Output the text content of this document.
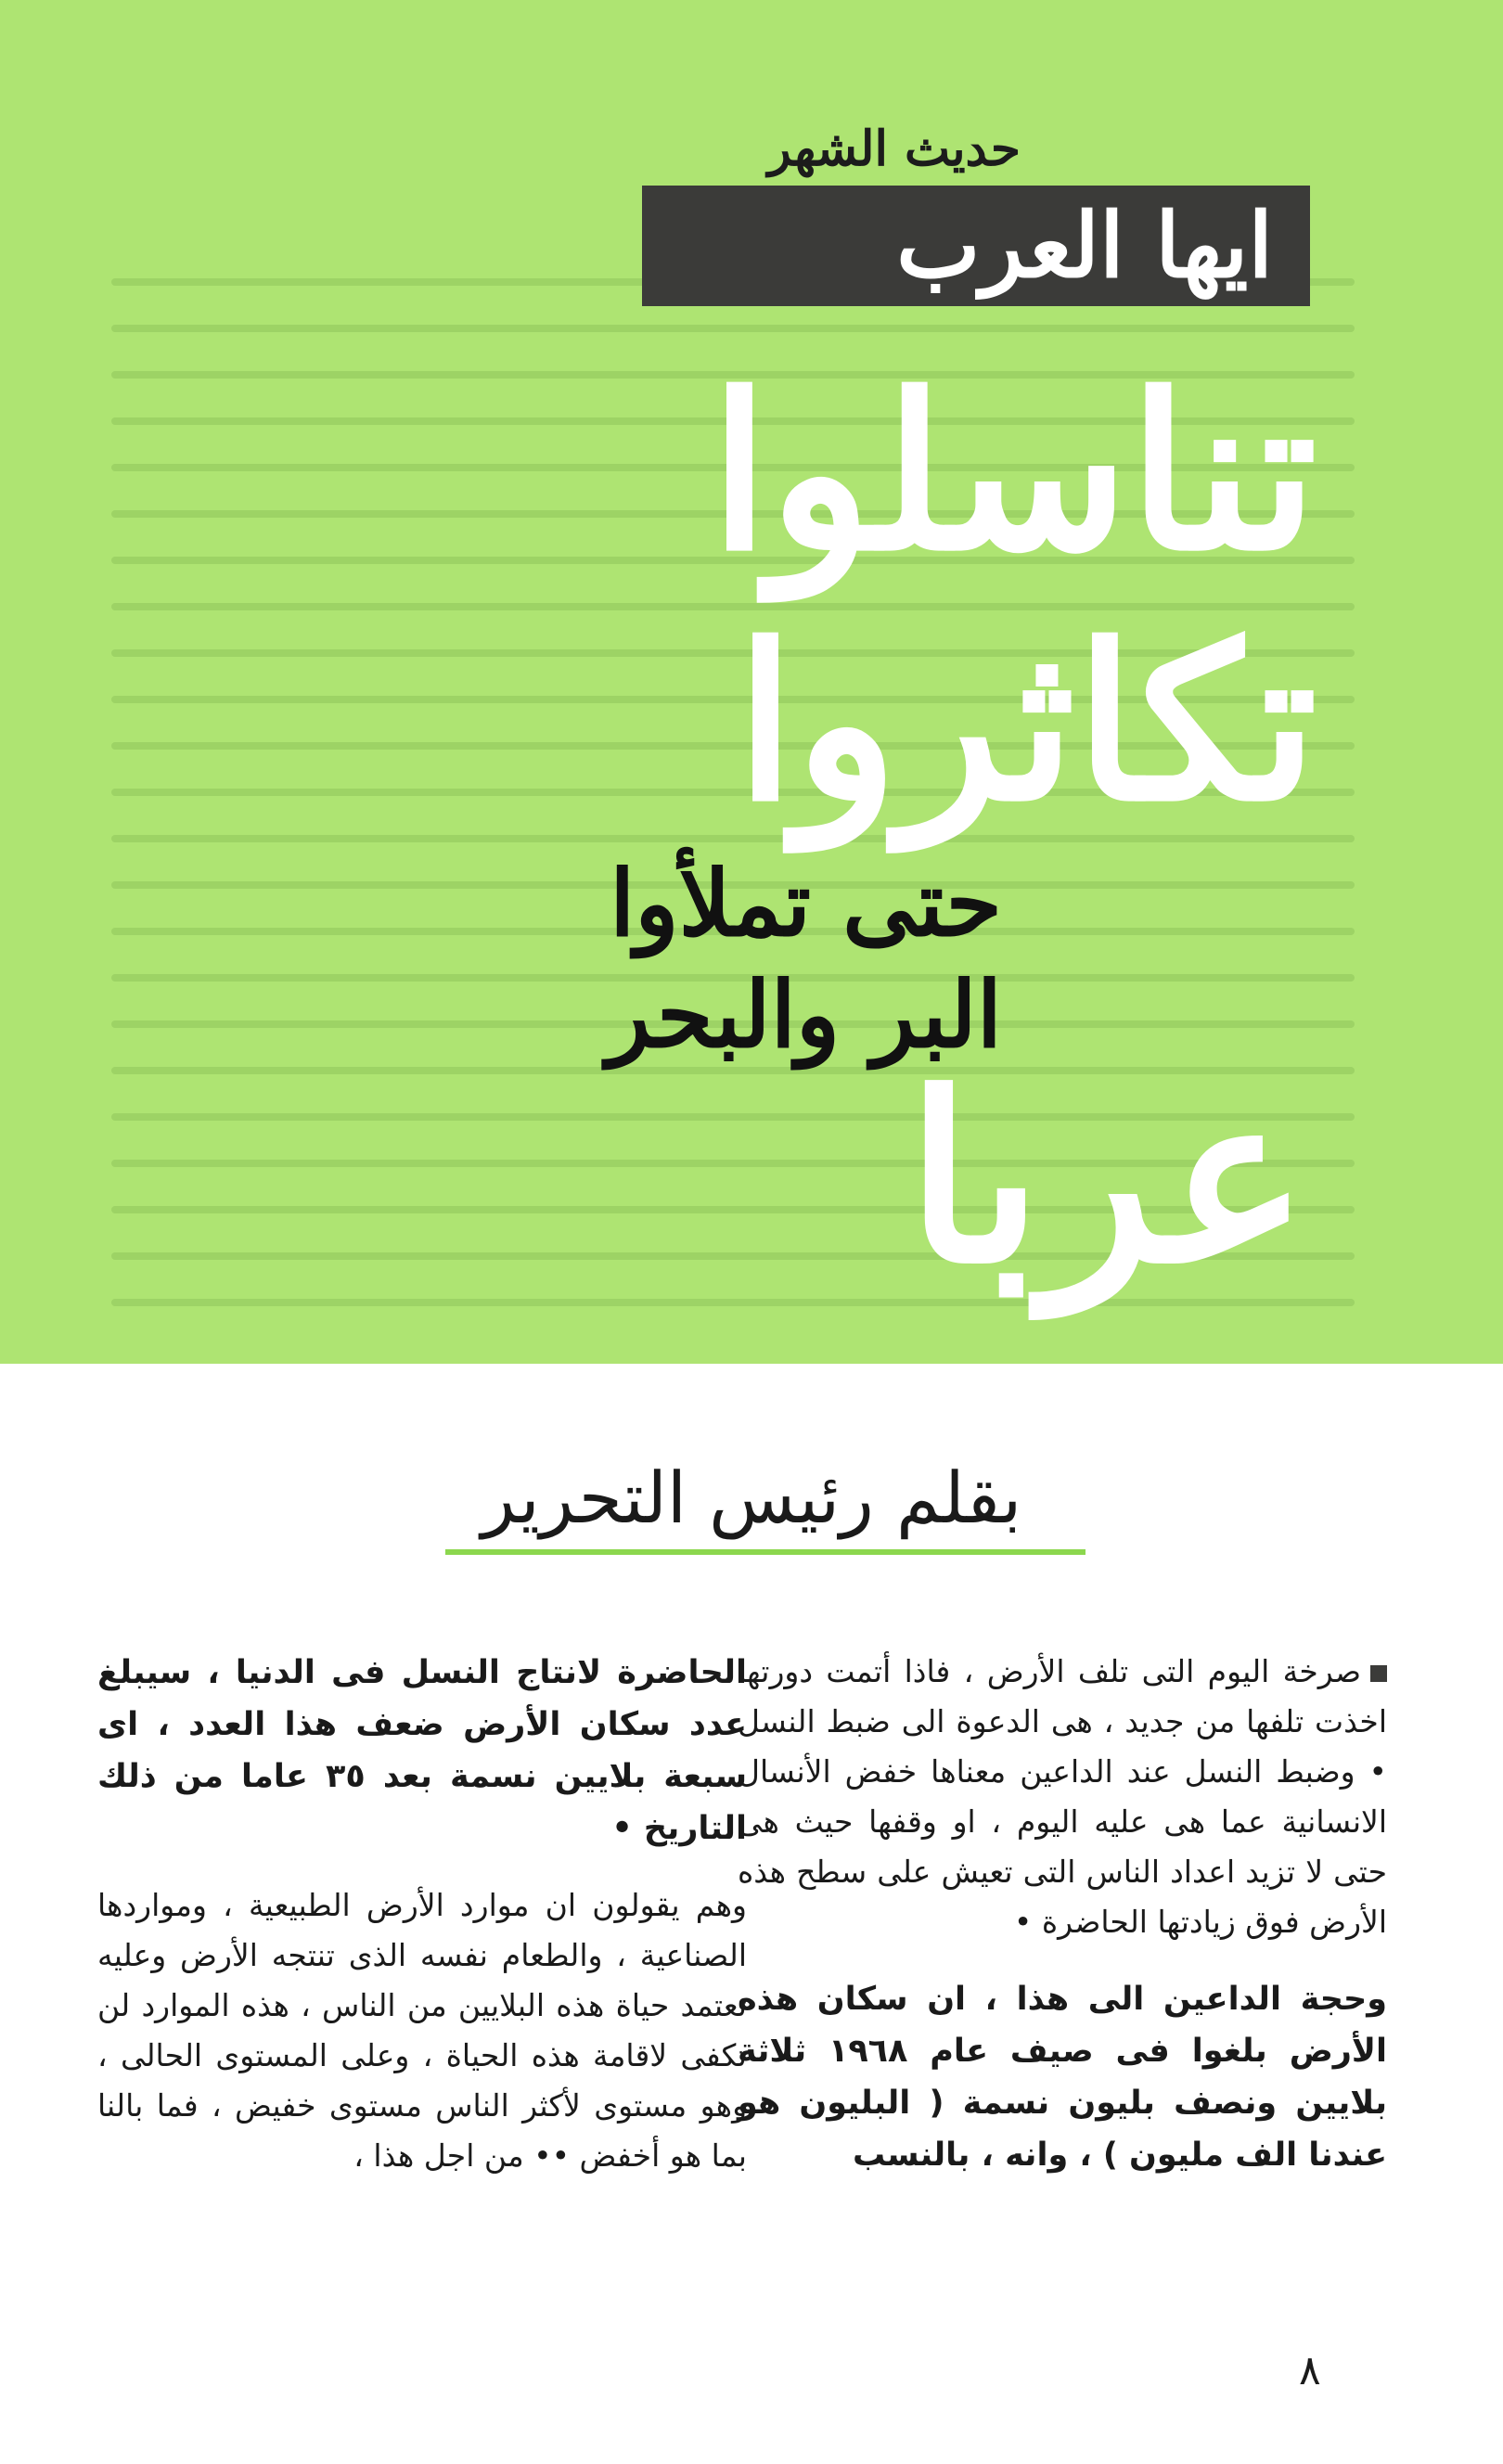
حديث الشهر
ايها العرب
تناسلوا
تكاثروا
حتى تملأوا
البر والبحر
عربا
بقلم رئيس التحرير

صرخة اليوم التى تلف الأرض ، فاذا أتمت دورتها اخذت تلفها من جديد ، هى الدعوة الى ضبط النسل • وضبط النسل عند الداعين معناها خفض الأنسال الانسانية عما هى عليه اليوم ، او وقفها حيث هى حتى لا تزيد اعداد الناس التى تعيش على سطح هذه الأرض فوق زيادتها الحاضرة •

وحجة الداعين الى هذا ، ان سكان هذه الأرض بلغوا فى صيف عام ١٩٦٨ ثلاثة بلايين ونصف بليون نسمة ( البليون هو عندنا الف مليون ) ، وانه ، بالنسب

الحاضرة لانتاج النسل فى الدنيا ، سيبلغ عدد سكان الأرض ضعف هذا العدد ، اى سبعة بلايين نسمة بعد ٣٥ عاما من ذلك التاريخ •

وهم يقولون ان موارد الأرض الطبيعية ، ومواردها الصناعية ، والطعام نفسه الذى تنتجه الأرض وعليه تعتمد حياة هذه البلايين من الناس ، هذه الموارد لن تكفى لاقامة هذه الحياة ، وعلى المستوى الحالى ، وهو مستوى لأكثر الناس مستوى خفيض ، فما بالنا بما هو أخفض •• من اجل هذا ،

٨
